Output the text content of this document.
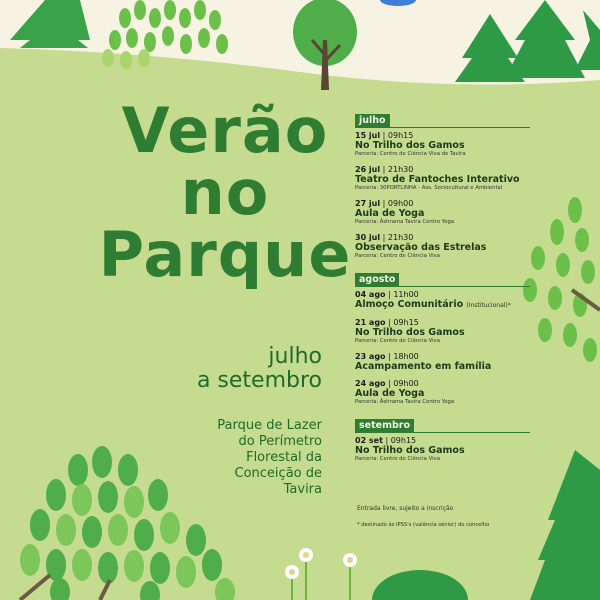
Verão
no
Parque
julho
a setembro
Parque de Lazer
do Perímetro
Florestal da
Conceição de
Tavira
julho
15 jul | 09h15
No Trilho dos Gamos
Parceria: Centro de Ciência Viva de Tavira
26 jul | 21h30
Teatro de Fantoches Interativo
Parceria: 30PORTLINHA - Ass. Sociocultural e Ambiental
27 jul | 09h00
Aula de Yoga
Parceria: Âshrama Tavira Centro Yoga
30 jul | 21h30
Observação das Estrelas
Parceria: Centro de Ciência Viva
agosto
04 ago | 11h00
Almoço Comunitário (Institucional)*
21 ago | 09h15
No Trilho dos Gamos
Parceria: Centro de Ciência Viva
23 ago | 18h00
Acampamento em família
24 ago | 09h00
Aula de Yoga
Parceria: Âshrama Tavira Centro Yoga
setembro
02 set | 09h15
No Trilho dos Gamos
Parceria: Centro de Ciência Viva
Entrada livre, sujeito a inscrição
* destinado às IPSS's (valência sénior) do concelho
